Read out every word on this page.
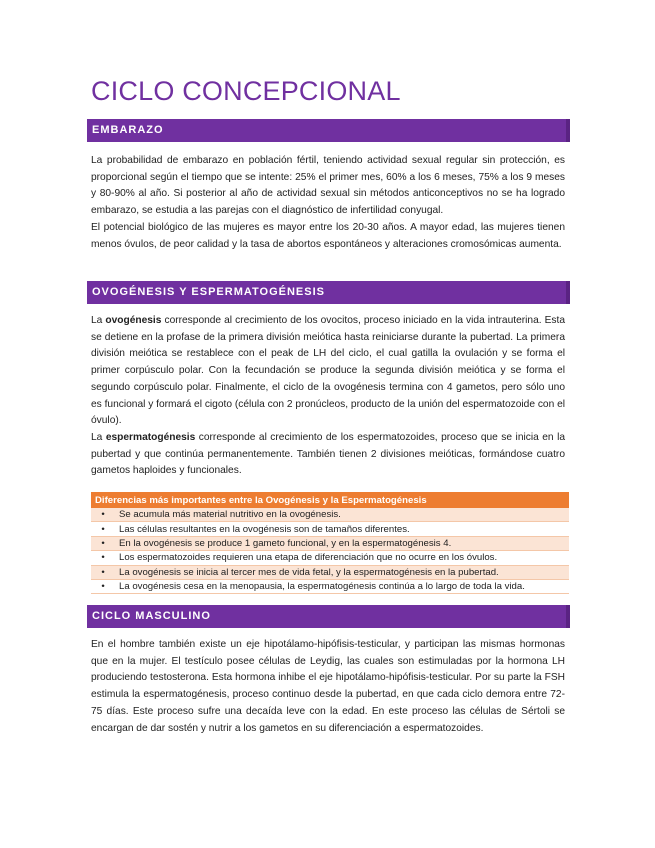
CICLO CONCEPCIONAL
EMBARAZO

La probabilidad de embarazo en población fértil, teniendo actividad sexual regular sin protección, es proporcional según el tiempo que se intente: 25% el primer mes, 60% a los 6 meses, 75% a los 9 meses y 80-90% al año. Si posterior al año de actividad sexual sin métodos anticonceptivos no se ha logrado embarazo, se estudia a las parejas con el diagnóstico de infertilidad conyugal.

El potencial biológico de las mujeres es mayor entre los 20-30 años. A mayor edad, las mujeres tienen menos óvulos, de peor calidad y la tasa de abortos espontáneos y alteraciones cromosómicas aumenta.

OVOGÉNESIS Y ESPERMATOGÉNESIS

La ovogénesis corresponde al crecimiento de los ovocitos, proceso iniciado en la vida intrauterina. Esta se detiene en la profase de la primera división meiótica hasta reiniciarse durante la pubertad. La primera división meiótica se restablece con el peak de LH del ciclo, el cual gatilla la ovulación y se forma el primer corpúsculo polar. Con la fecundación se produce la segunda división meiótica y se forma el segundo corpúsculo polar. Finalmente, el ciclo de la ovogénesis termina con 4 gametos, pero sólo uno es funcional y formará el cigoto (célula con 2 pronúcleos, producto de la unión del espermatozoide con el óvulo).

La espermatogénesis corresponde al crecimiento de los espermatozoides, proceso que se inicia en la pubertad y que continúa permanentemente. También tienen 2 divisiones meióticas, formándose cuatro gametos haploides y funcionales.

Diferencias más importantes entre la Ovogénesis y la Espermatogénesis	
•	Se acumula más material nutritivo en la ovogénesis.
•	Las células resultantes en la ovogénesis son de tamaños diferentes.
•	En la ovogénesis se produce 1 gameto funcional, y en la espermatogénesis 4.
•	Los espermatozoides requieren una etapa de diferenciación que no ocurre en los óvulos.
•	La ovogénesis se inicia al tercer mes de vida fetal, y la espermatogénesis en la pubertad.
•	La ovogénesis cesa en la menopausia, la espermatogénesis continúa a lo largo de toda la vida.
CICLO MASCULINO

En el hombre también existe un eje hipotálamo-hipófisis-testicular, y participan las mismas hormonas que en la mujer. El testículo posee células de Leydig, las cuales son estimuladas por la hormona LH produciendo testosterona. Esta hormona inhibe el eje hipotálamo-hipófisis-testicular. Por su parte la FSH estimula la espermatogénesis, proceso continuo desde la pubertad, en que cada ciclo demora entre 72-75 días. Este proceso sufre una decaída leve con la edad. En este proceso las células de Sértoli se encargan de dar sostén y nutrir a los gametos en su diferenciación a espermatozoides.
